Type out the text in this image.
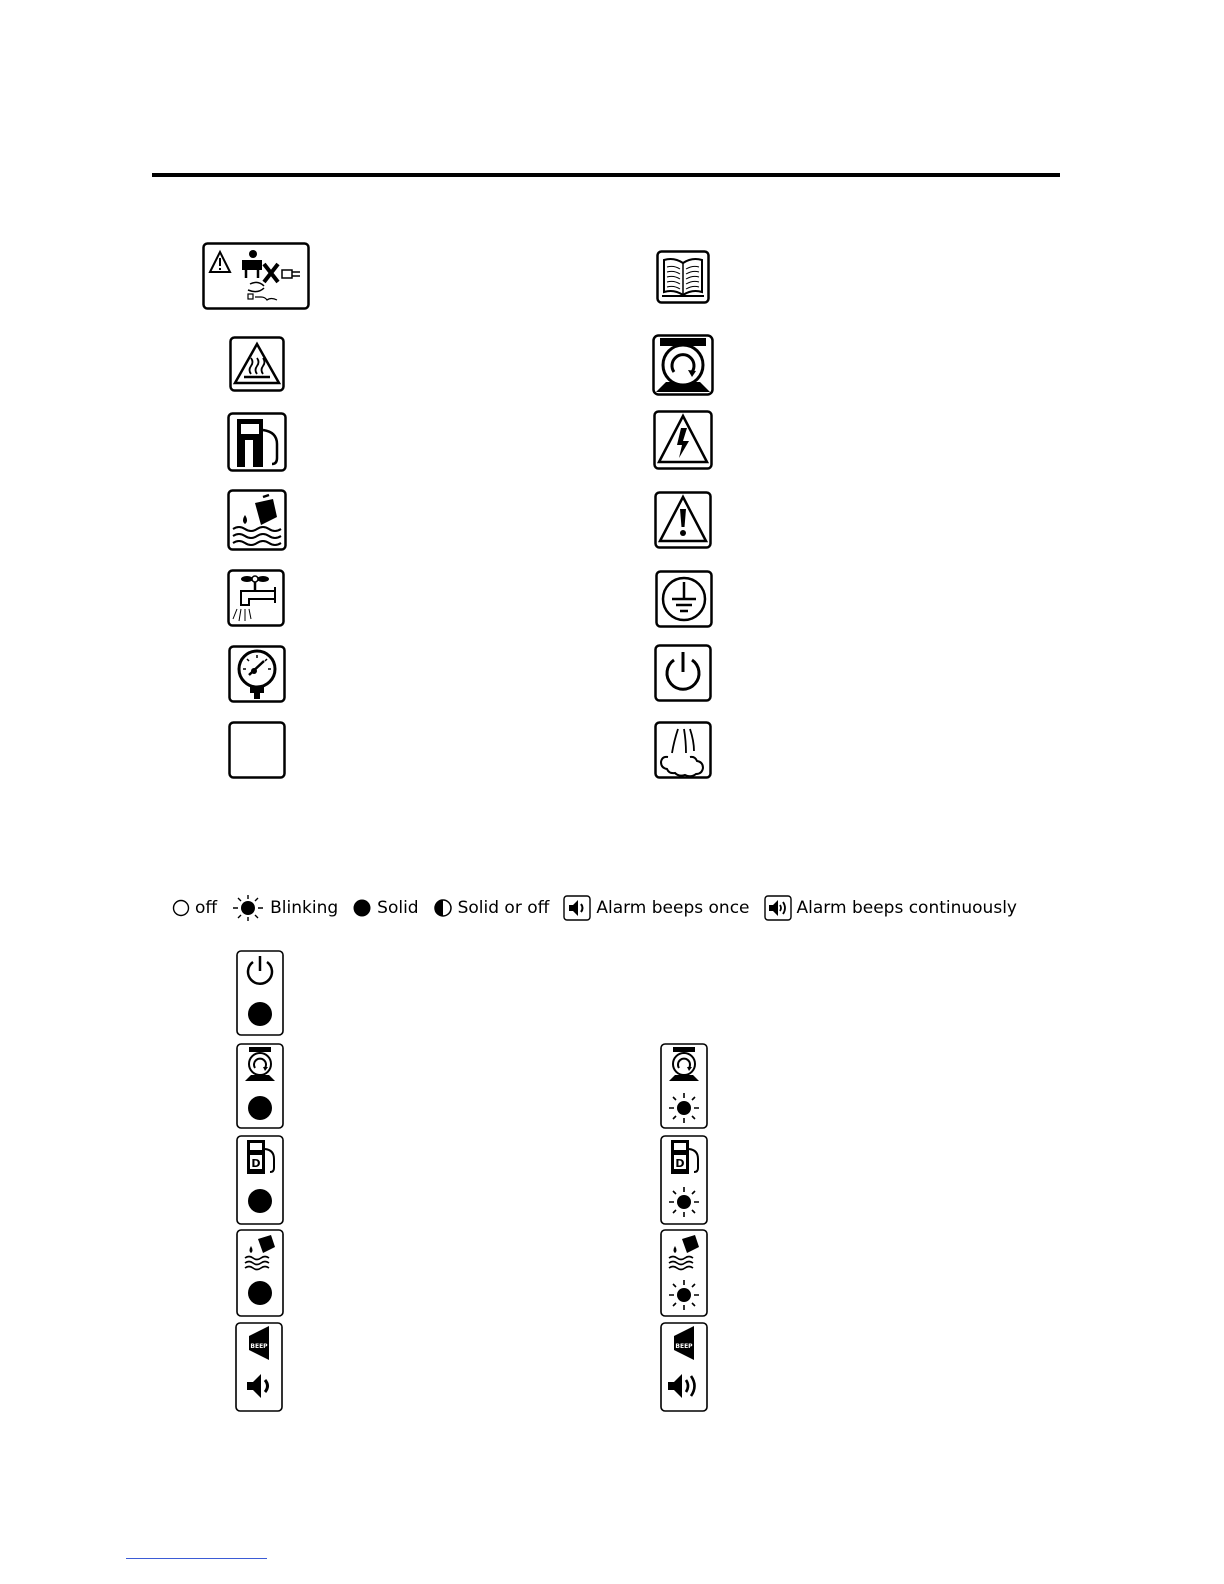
off	Blinking Solid Solid or off	Alarm beeps once	Alarm beeps continuously
D	D
BEEP	BEEP
